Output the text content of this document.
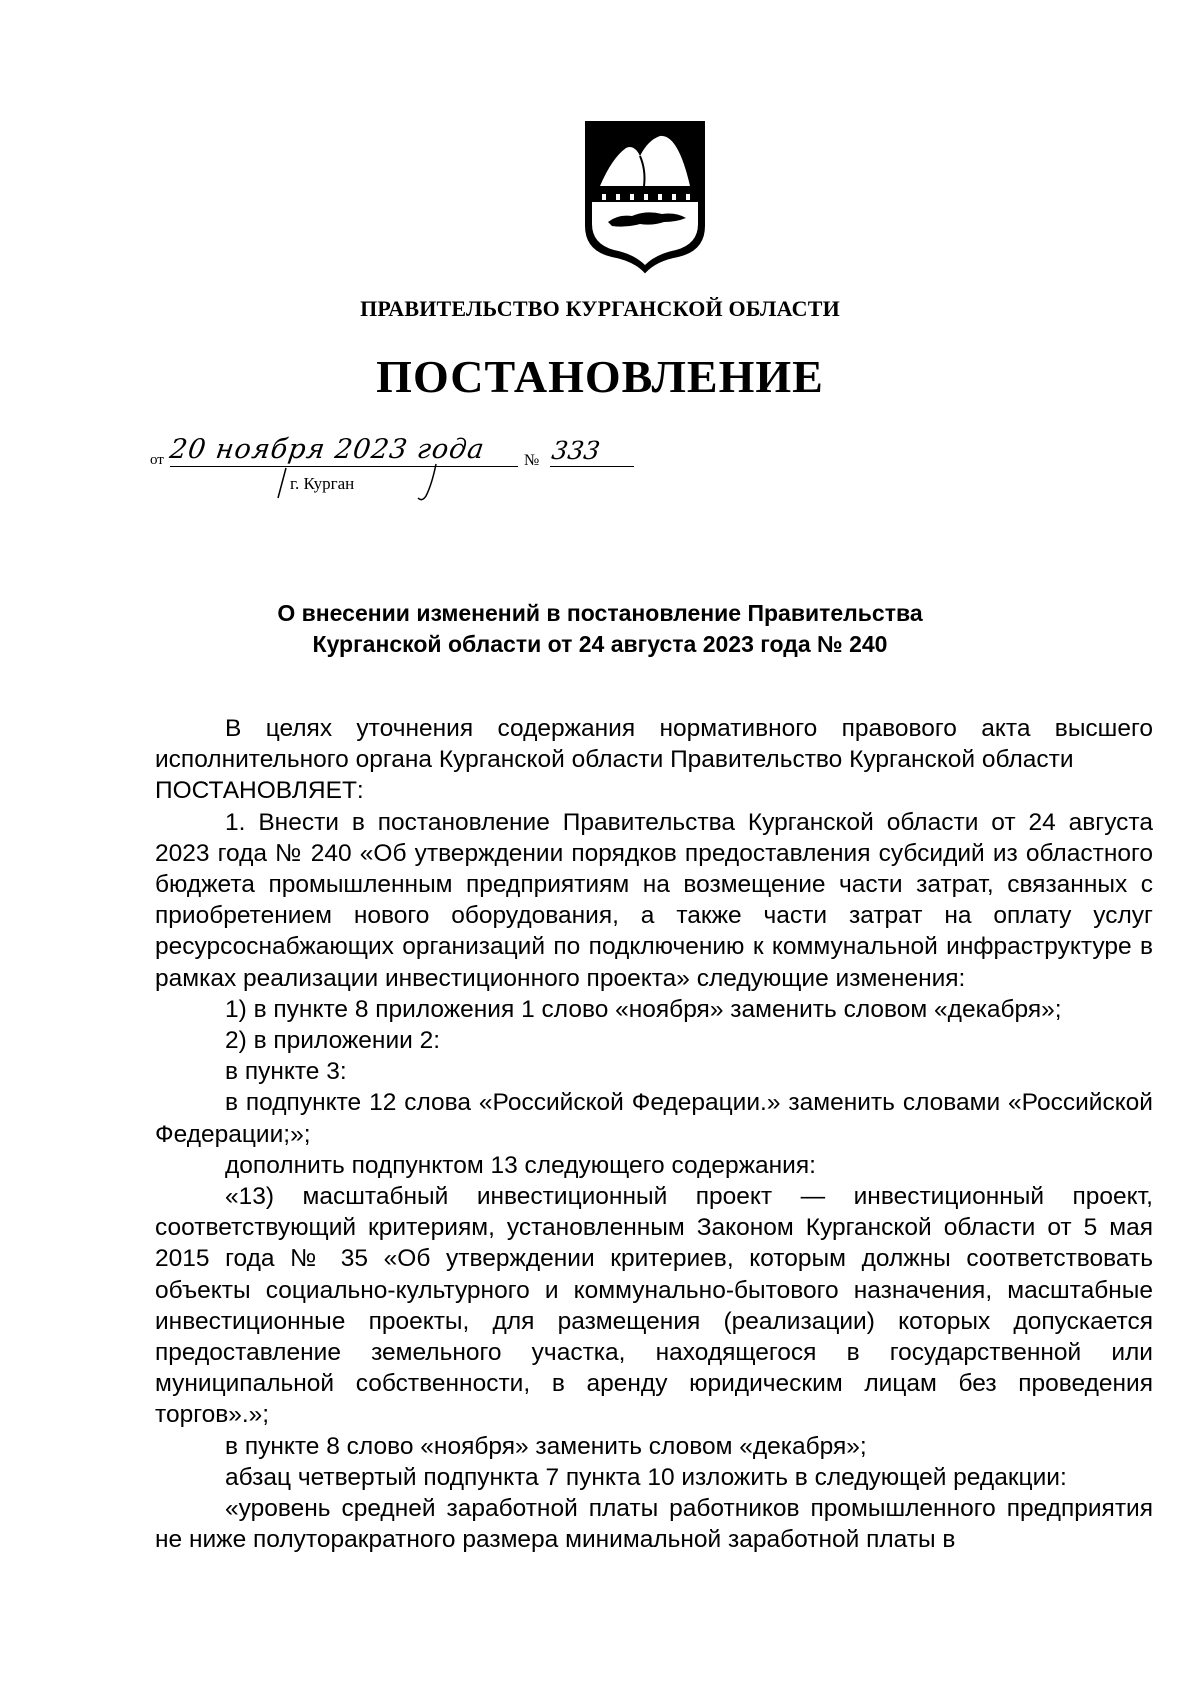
ПРАВИТЕЛЬСТВО КУРГАНСКОЙ ОБЛАСТИ
ПОСТАНОВЛЕНИЕ
от 20 ноября 2023 года № 333
г. Курган
О внесении изменений в постановление Правительства
Курганской области от 24 августа 2023 года № 240

В целях уточнения содержания нормативного правового акта высшего исполнительного органа Курганской области Правительство Курганской области

ПОСТАНОВЛЯЕТ:

1. Внести в постановление Правительства Курганской области от 24 августа 2023 года № 240 «Об утверждении порядков предоставления субсидий из областного бюджета промышленным предприятиям на возмещение части затрат, связанных с приобретением нового оборудования, а также части затрат на оплату услуг ресурсоснабжающих организаций по подключению к коммунальной инфраструктуре в рамках реализации инвестиционного проекта» следующие изменения:

1) в пункте 8 приложения 1 слово «ноября» заменить словом «декабря»;

2) в приложении 2:

в пункте 3:

в подпункте 12 слова «Российской Федерации.» заменить словами «Российской Федерации;»;

дополнить подпунктом 13 следующего содержания:

«13) масштабный инвестиционный проект — инвестиционный проект, соответствующий критериям, установленным Законом Курганской области от 5 мая 2015 года № 35 «Об утверждении критериев, которым должны соответствовать объекты социально-культурного и коммунально-бытового назначения, масштабные инвестиционные проекты, для размещения (реализации) которых допускается предоставление земельного участка, находящегося в государственной или муниципальной собственности, в аренду юридическим лицам без проведения торгов».»;

в пункте 8 слово «ноября» заменить словом «декабря»;

абзац четвертый подпункта 7 пункта 10 изложить в следующей редакции:

«уровень средней заработной платы работников промышленного предприятия не ниже полуторакратного размера минимальной заработной платы в
